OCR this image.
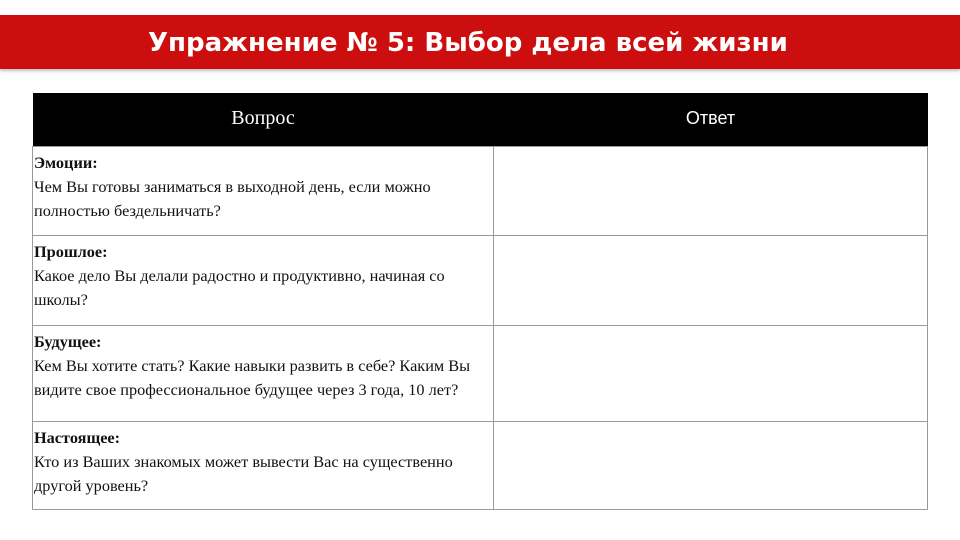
Упражнение № 5: Выбор дела всей жизни
Вопрос	Ответ

Эмоции:
Чем Вы готовы заниматься в выходной день, если можно полностью бездельничать?	

Прошлое:
Какое дело Вы делали радостно и продуктивно, начиная со школы?	

Будущее:
Кем Вы хотите стать? Какие навыки развить в себе? Каким Вы видите свое профессиональное будущее через 3 года, 10 лет?	

Настоящее:
Кто из Ваших знакомых может вывести Вас на существенно другой уровень?	
